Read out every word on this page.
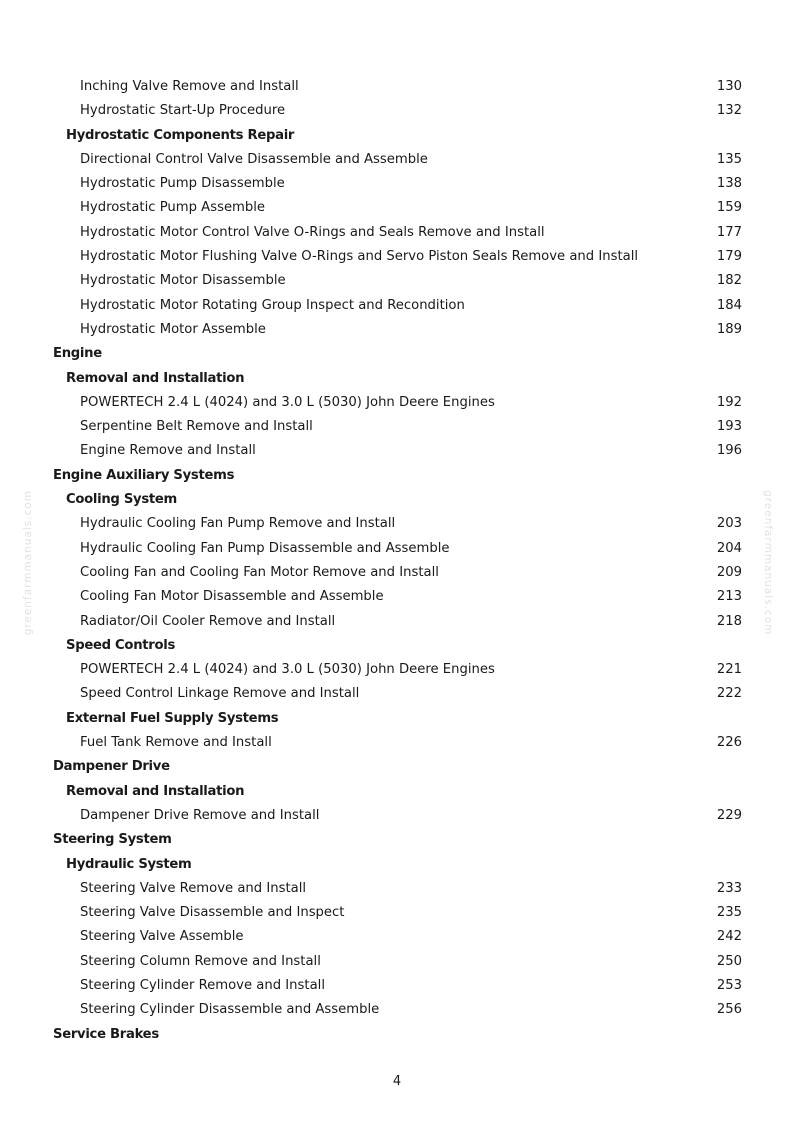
greenfarmmanuals.com	greenfarmmanuals.com
Inching Valve Remove and Install	130
Hydrostatic Start-Up Procedure	132
Hydrostatic Components Repair
Directional Control Valve Disassemble and Assemble	135
Hydrostatic Pump Disassemble	138
Hydrostatic Pump Assemble	159
Hydrostatic Motor Control Valve O-Rings and Seals Remove and Install	177
Hydrostatic Motor Flushing Valve O-Rings and Servo Piston Seals Remove and Install	179
Hydrostatic Motor Disassemble	182
Hydrostatic Motor Rotating Group Inspect and Recondition	184
Hydrostatic Motor Assemble	189
Engine
Removal and Installation
POWERTECH 2.4 L (4024) and 3.0 L (5030) John Deere Engines	192
Serpentine Belt Remove and Install	193
Engine Remove and Install	196
Engine Auxiliary Systems
Cooling System
Hydraulic Cooling Fan Pump Remove and Install	203
Hydraulic Cooling Fan Pump Disassemble and Assemble	204
Cooling Fan and Cooling Fan Motor Remove and Install	209
Cooling Fan Motor Disassemble and Assemble	213
Radiator/Oil Cooler Remove and Install	218
Speed Controls
POWERTECH 2.4 L (4024) and 3.0 L (5030) John Deere Engines	221
Speed Control Linkage Remove and Install	222
External Fuel Supply Systems
Fuel Tank Remove and Install	226
Dampener Drive
Removal and Installation
Dampener Drive Remove and Install	229
Steering System
Hydraulic System
Steering Valve Remove and Install	233
Steering Valve Disassemble and Inspect	235
Steering Valve Assemble	242
Steering Column Remove and Install	250
Steering Cylinder Remove and Install	253
Steering Cylinder Disassemble and Assemble	256
Service Brakes
4
